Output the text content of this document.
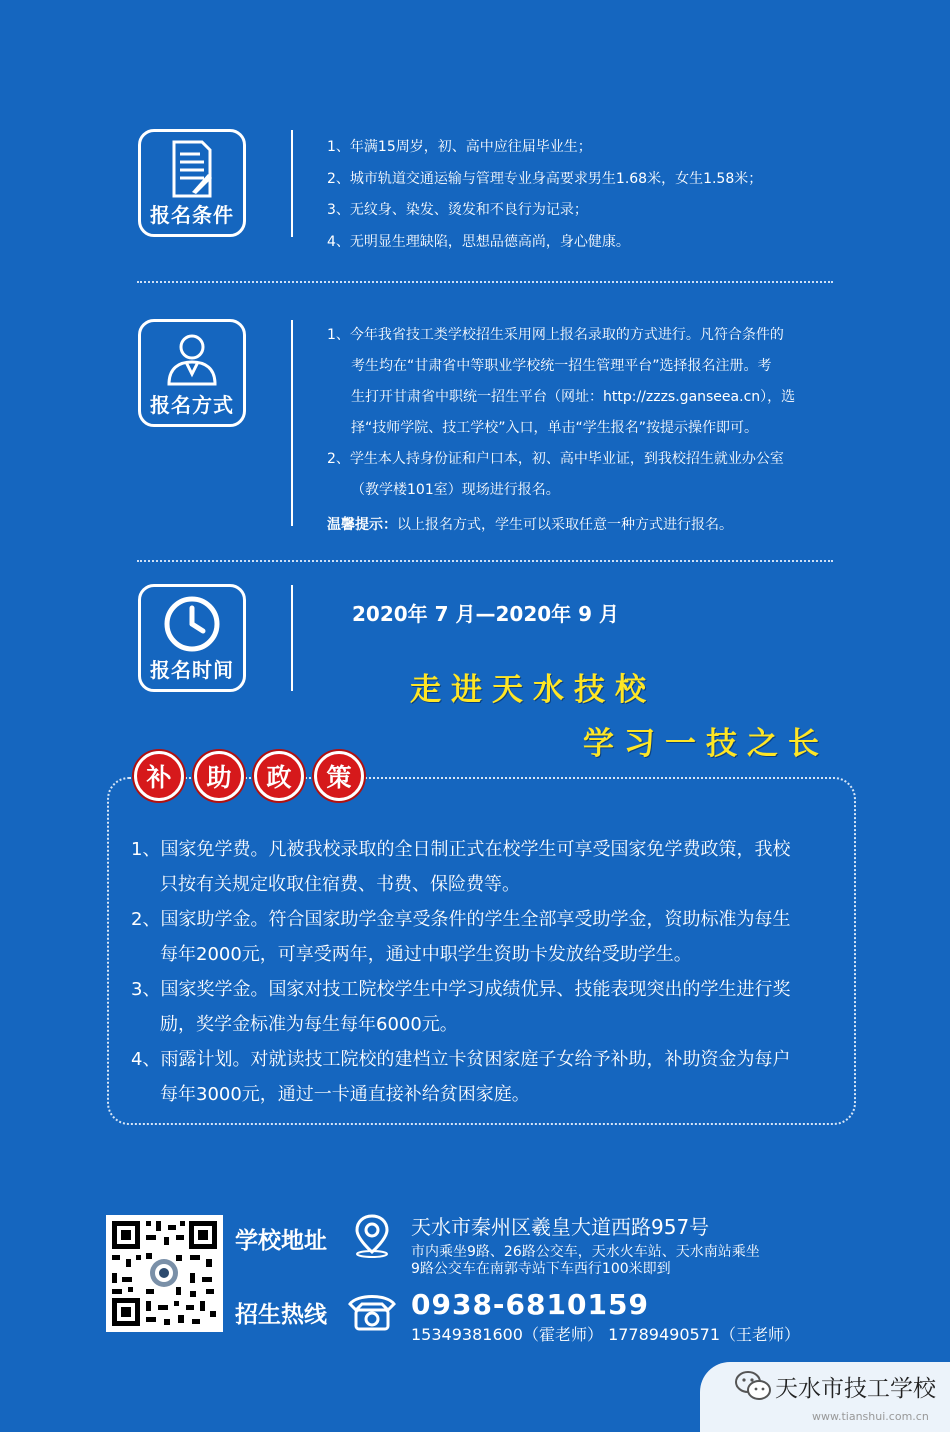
报名条件
1、年满15周岁，初、高中应往届毕业生；
2、城市轨道交通运输与管理专业身高要求男生1.68米，女生1.58米；
3、无纹身、染发、烫发和不良行为记录；
4、无明显生理缺陷，思想品德高尚，身心健康。
报名方式
1、今年我省技工类学校招生采用网上报名录取的方式进行。凡符合条件的
考生均在“甘肃省中等职业学校统一招生管理平台”选择报名注册。考
生打开甘肃省中职统一招生平台（网址：http://zzzs.ganseea.cn），选
择“技师学院、技工学校”入口，单击“学生报名”按提示操作即可。
2、学生本人持身份证和户口本，初、高中毕业证，到我校招生就业办公室
（教学楼101室）现场进行报名。
温馨提示：以上报名方式，学生可以采取任意一种方式进行报名。
报名时间
2020年 7 月—2020年 9 月
走进天水技校
学习一技之长
补	助	政	策
1、国家免学费。凡被我校录取的全日制正式在校学生可享受国家免学费政策，我校
只按有关规定收取住宿费、书费、保险费等。
2、国家助学金。符合国家助学金享受条件的学生全部享受助学金，资助标准为每生
每年2000元，可享受两年，通过中职学生资助卡发放给受助学生。
3、国家奖学金。国家对技工院校学生中学习成绩优异、技能表现突出的学生进行奖
励，奖学金标准为每生每年6000元。
4、雨露计划。对就读技工院校的建档立卡贫困家庭子女给予补助，补助资金为每户
每年3000元，通过一卡通直接补给贫困家庭。
学校地址
天水市秦州区羲皇大道西路957号
市内乘坐9路、26路公交车，天水火车站、天水南站乘坐
9路公交车在南郭寺站下车西行100米即到
招生热线	0938-6810159
15349381600（霍老师） 17789490571（王老师）
天水市技工学校
www.tianshui.com.cn
